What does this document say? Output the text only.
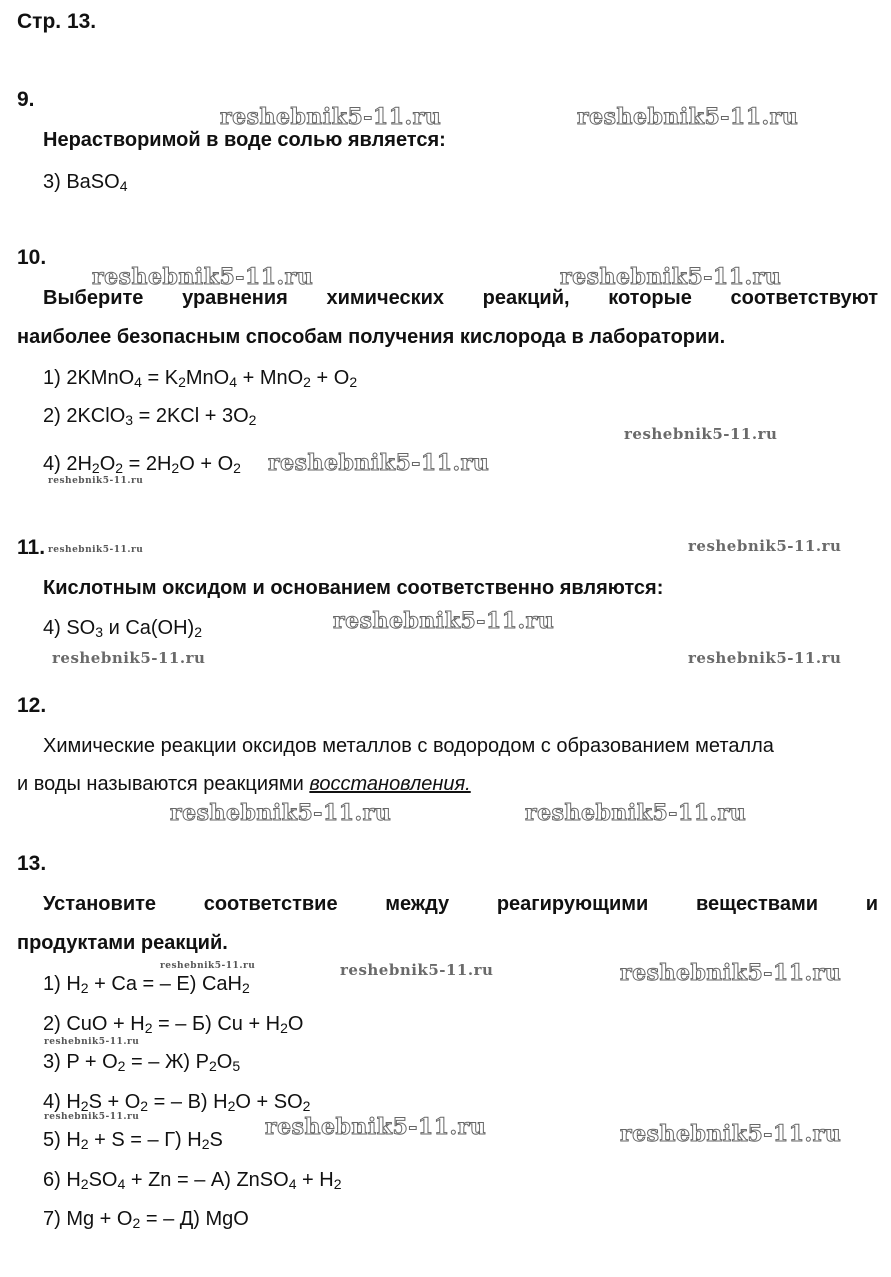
Стр. 13.
9.
Нерастворимой в воде солью является:
3) BaSO$_4$
10.
Выберите уравнения химических реакций, которые соответствуют
наиболее безопасным способам получения кислорода в лаборатории.
1) 2KMnO$_4$ = $K_2MnO_4 + MnO_2 + O_2$
2) 2KClO$_3$ = $2KCl + 3O_2$
4) $2H_2O_2 = 2H_2O + O_2$
11.
Кислотным оксидом и основанием соответственно являются:
4) $SO_3$ и $Ca(OH)_2$
12.
Химические реакции оксидов металлов с водородом с образованием металла
и воды называются реакциями восстановления.
13.
Установите соответствие между реагирующими веществами и
продуктами реакций.
1) $H_2 + Ca$ = – E) CaH$_2$
2) CuO + $H_2$ = – Б) $Cu + H_2O$
3) $P + O_2$ = – Ж) $P_2O_5$
4) $H_2S + O_2$ = – В) $H_2O + SO_2$
5) $H_2 + S$ = – Г) $H_2S$
6) $H_2SO_4 + Zn$ = – А) ZnSO$_4$ + $H_2$
7) $Mg + O_2$ = – Д) MgO
reshebnik5-11.ru	reshebnik5-11.ru
reshebnik5-11.ru	reshebnik5-11.ru
reshebnik5-11.ru
reshebnik5-11.ru
reshebnik5-11.ru
reshebnik5-11.ru	reshebnik5-11.ru
reshebnik5-11.ru
reshebnik5-11.ru	reshebnik5-11.ru
reshebnik5-11.ru	reshebnik5-11.ru
reshebnik5-11.ru	reshebnik5-11.ru	reshebnik5-11.ru
reshebnik5-11.ru
reshebnik5-11.ru	reshebnik5-11.ru	reshebnik5-11.ru
